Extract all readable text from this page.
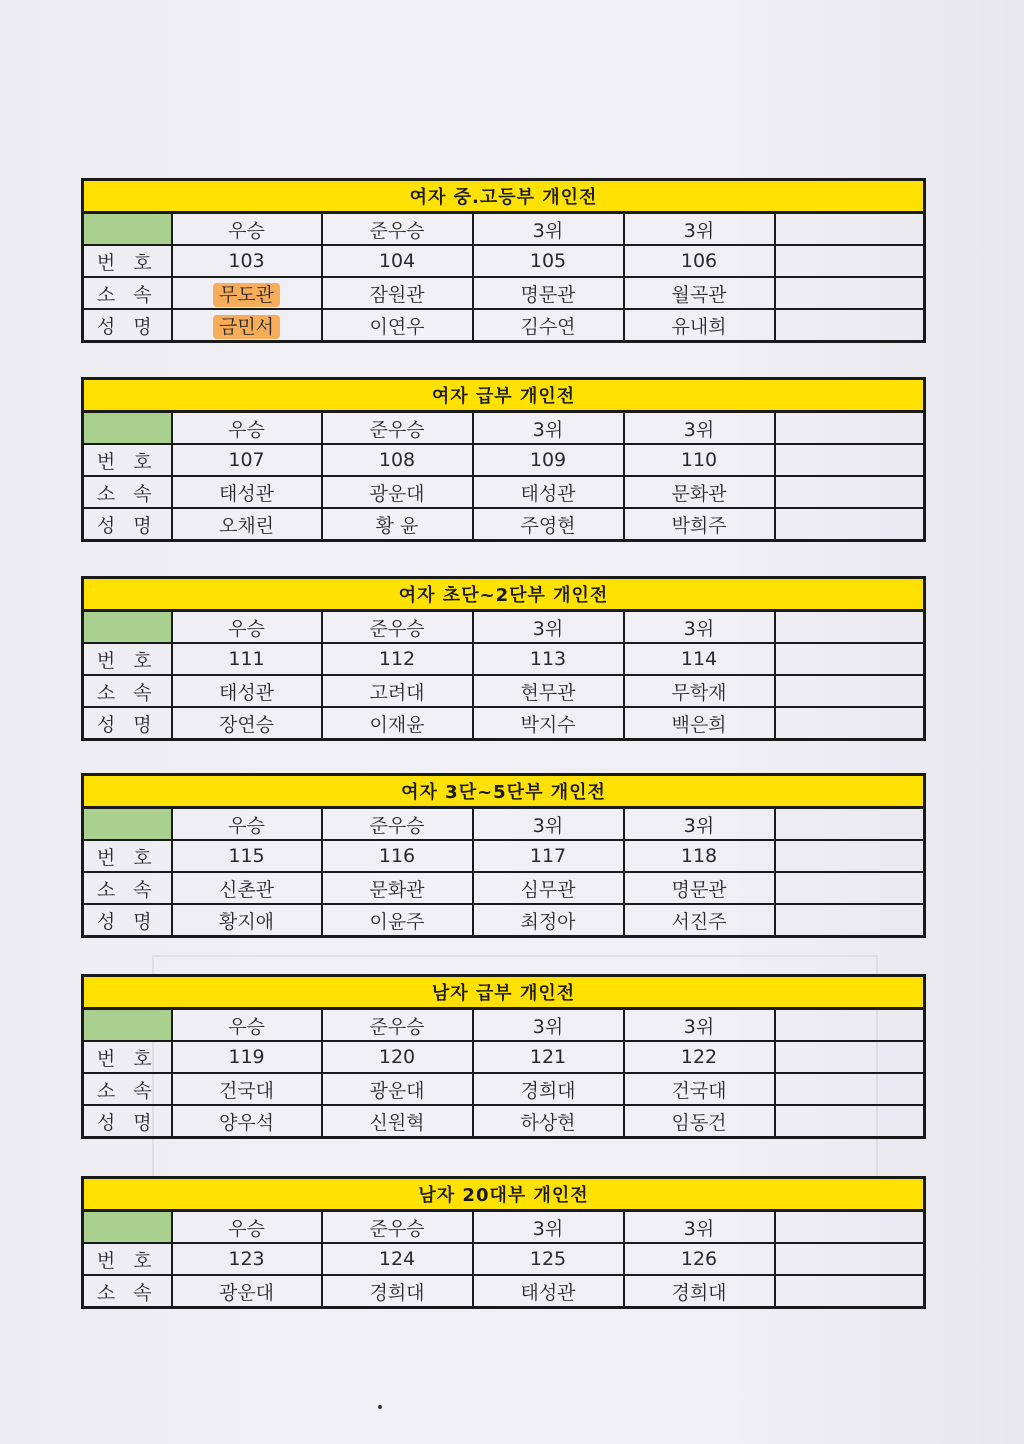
여자 중.고등부 개인전					
	우승	준우승	3위	3위	
번 호	103	104	105	106	
소 속	무도관	잠원관	명문관	월곡관	
성 명	금민서	이연우	김수연	유내희	
여자 급부 개인전					
	우승	준우승	3위	3위	
번 호	107	108	109	110	
소 속	태성관	광운대	태성관	문화관	
성 명	오채린	황 윤	주영현	박희주	
여자 초단~2단부 개인전					
	우승	준우승	3위	3위	
번 호	111	112	113	114	
소 속	태성관	고려대	현무관	무학재	
성 명	장연승	이재윤	박지수	백은희	
여자 3단~5단부 개인전					
	우승	준우승	3위	3위	
번 호	115	116	117	118	
소 속	신촌관	문화관	심무관	명문관	
성 명	황지애	이윤주	최정아	서진주	
남자 급부 개인전					
	우승	준우승	3위	3위	
번 호	119	120	121	122	
소 속	건국대	광운대	경희대	건국대	
성 명	양우석	신원혁	하상현	임동건	
남자 20대부 개인전					
	우승	준우승	3위	3위	
번 호	123	124	125	126	
소 속	광운대	경희대	태성관	경희대	
